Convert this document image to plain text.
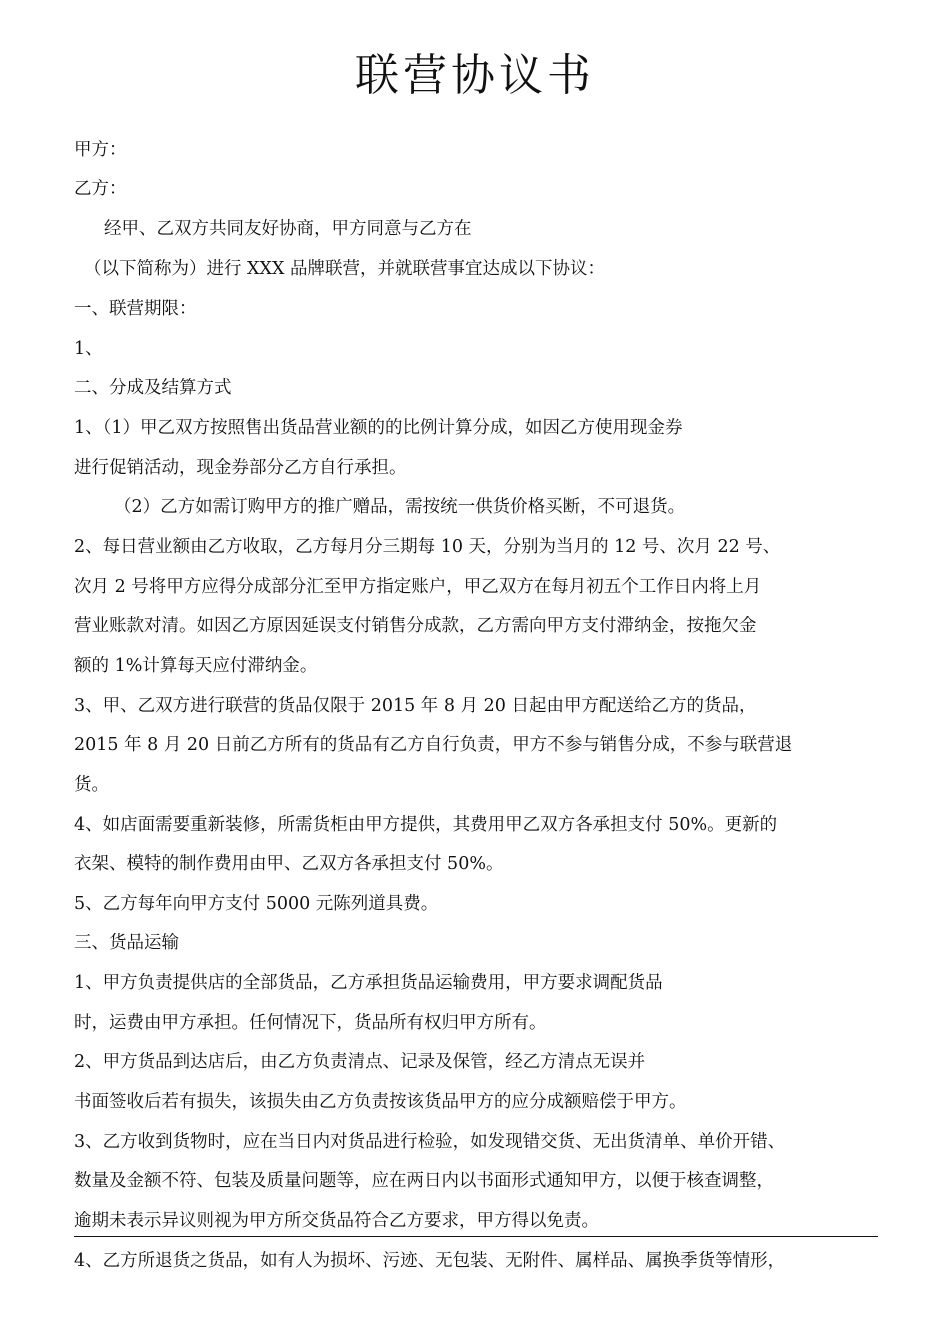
联营协议书
甲方：
乙方：
经甲、乙双方共同友好协商，甲方同意与乙方在
（以下简称为）进行 XXX 品牌联营，并就联营事宜达成以下协议：
一、联营期限：
1、
二、分成及结算方式
1、（1）甲乙双方按照售出货品营业额的的比例计算分成，如因乙方使用现金券
进行促销活动，现金券部分乙方自行承担。
（2）乙方如需订购甲方的推广赠品，需按统一供货价格买断，不可退货。
2、每日营业额由乙方收取，乙方每月分三期每 10 天，分别为当月的 12 号、次月 22 号、
次月 2 号将甲方应得分成部分汇至甲方指定账户，甲乙双方在每月初五个工作日内将上月
营业账款对清。如因乙方原因延误支付销售分成款，乙方需向甲方支付滞纳金，按拖欠金
额的 1%计算每天应付滞纳金。
3、甲、乙双方进行联营的货品仅限于 2015 年 8 月 20 日起由甲方配送给乙方的货品，
2015 年 8 月 20 日前乙方所有的货品有乙方自行负责，甲方不参与销售分成，不参与联营退
货。
4、如店面需要重新装修，所需货柜由甲方提供，其费用甲乙双方各承担支付 50%。更新的
衣架、模特的制作费用由甲、乙双方各承担支付 50%。
5、乙方每年向甲方支付 5000 元陈列道具费。
三、货品运输
1、甲方负责提供店的全部货品，乙方承担货品运输费用，甲方要求调配货品
时，运费由甲方承担。任何情况下，货品所有权归甲方所有。
2、甲方货品到达店后，由乙方负责清点、记录及保管，经乙方清点无误并
书面签收后若有损失，该损失由乙方负责按该货品甲方的应分成额赔偿于甲方。
3、乙方收到货物时，应在当日内对货品进行检验，如发现错交货、无出货清单、单价开错、
数量及金额不符、包装及质量问题等，应在两日内以书面形式通知甲方，以便于核查调整，
逾期未表示异议则视为甲方所交货品符合乙方要求，甲方得以免责。
4、乙方所退货之货品，如有人为损坏、污迹、无包装、无附件、属样品、属换季货等情形，
